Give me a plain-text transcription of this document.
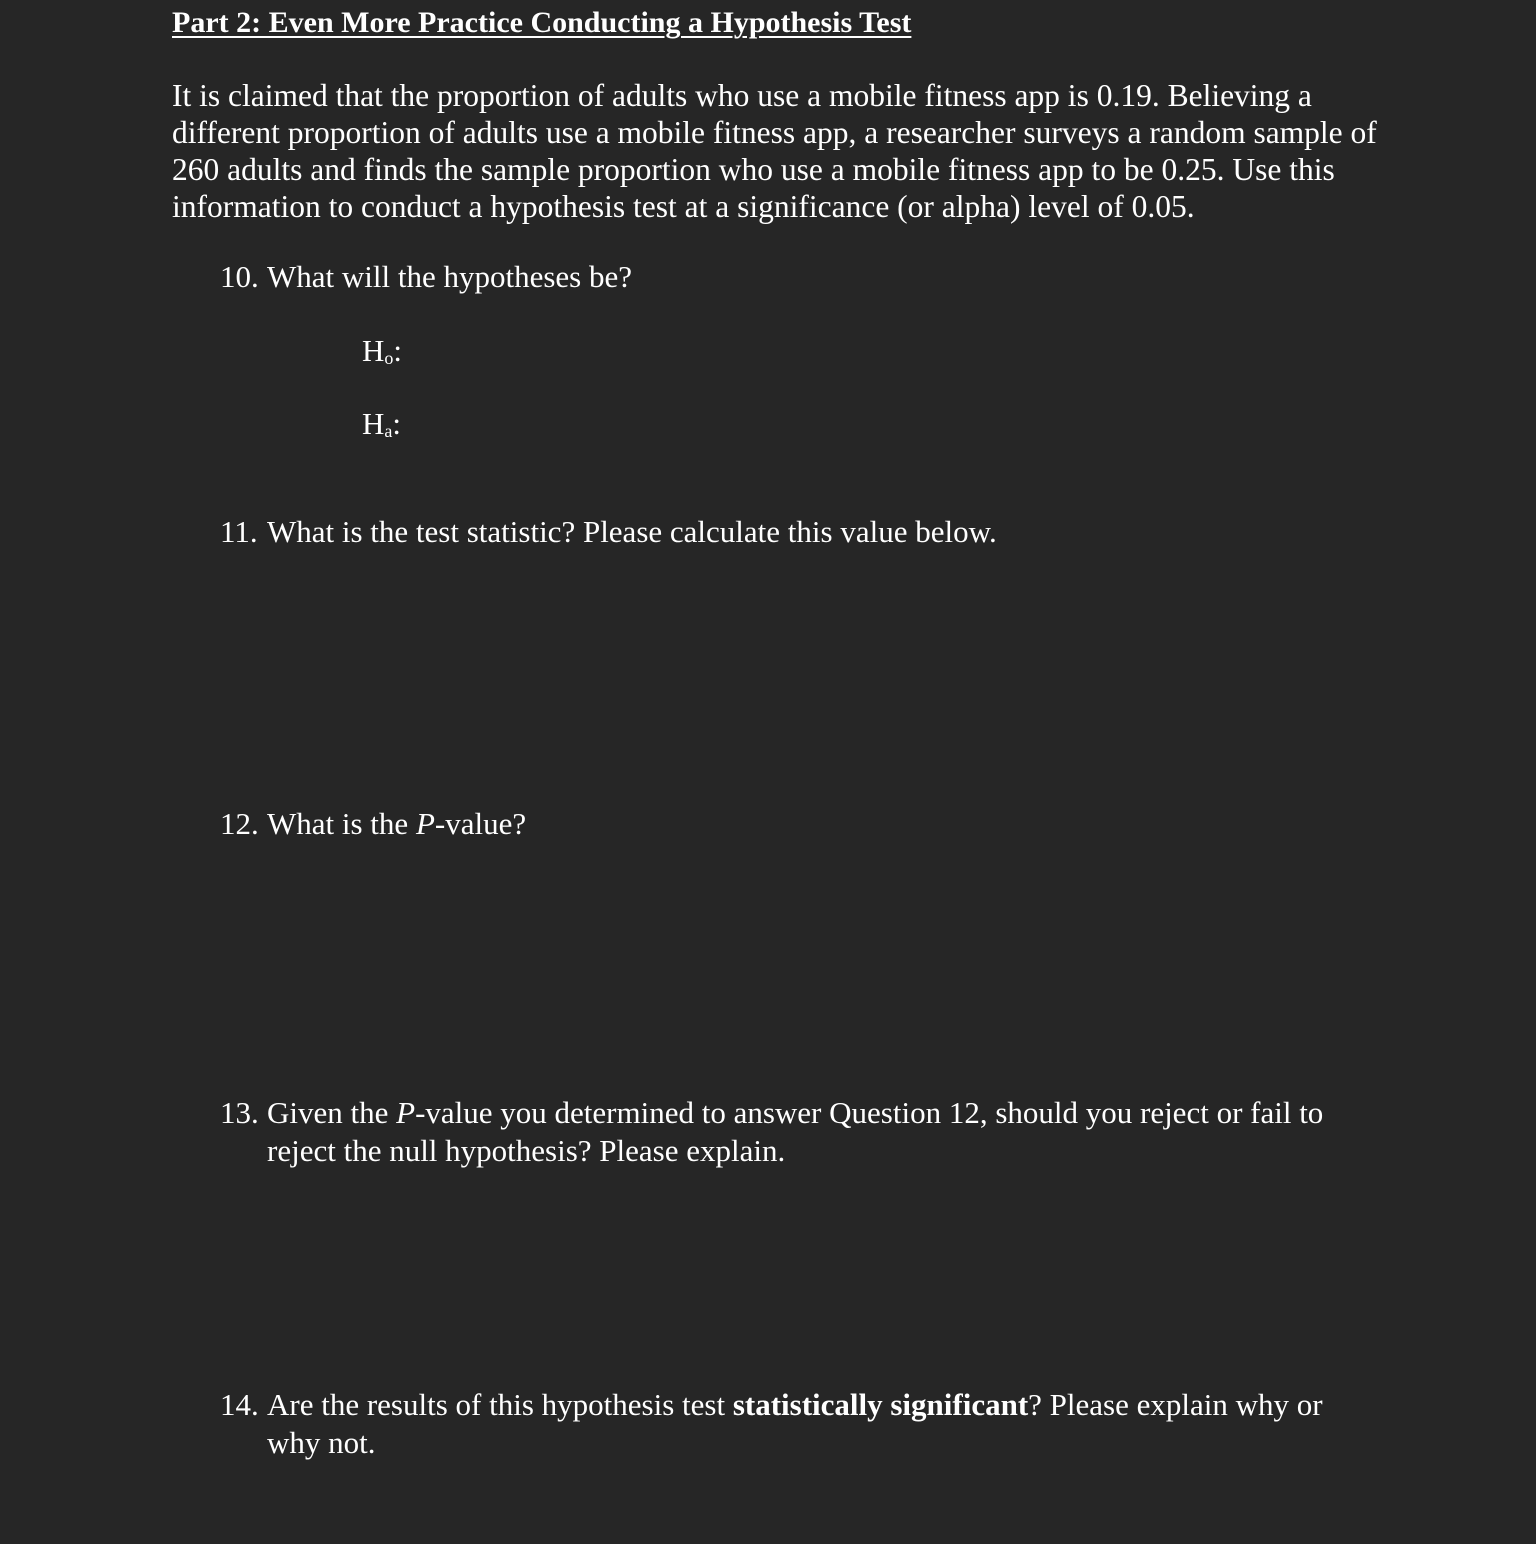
Part 2: Even More Practice Conducting a Hypothesis Test
It is claimed that the proportion of adults who use a mobile fitness app is 0.19. Believing a
different proportion of adults use a mobile fitness app, a researcher surveys a random sample of
260 adults and finds the sample proportion who use a mobile fitness app to be 0.25. Use this
information to conduct a hypothesis test at a significance (or alpha) level of 0.05.
10. What will the hypotheses be?
$H_o$:
$H_a$:
11. What is the test statistic? Please calculate this value below.
12. What is the P-value?
13. Given the P-value you determined to answer Question 12, should you reject or fail to
reject the null hypothesis? Please explain.
14. Are the results of this hypothesis test statistically significant? Please explain why or
why not.
